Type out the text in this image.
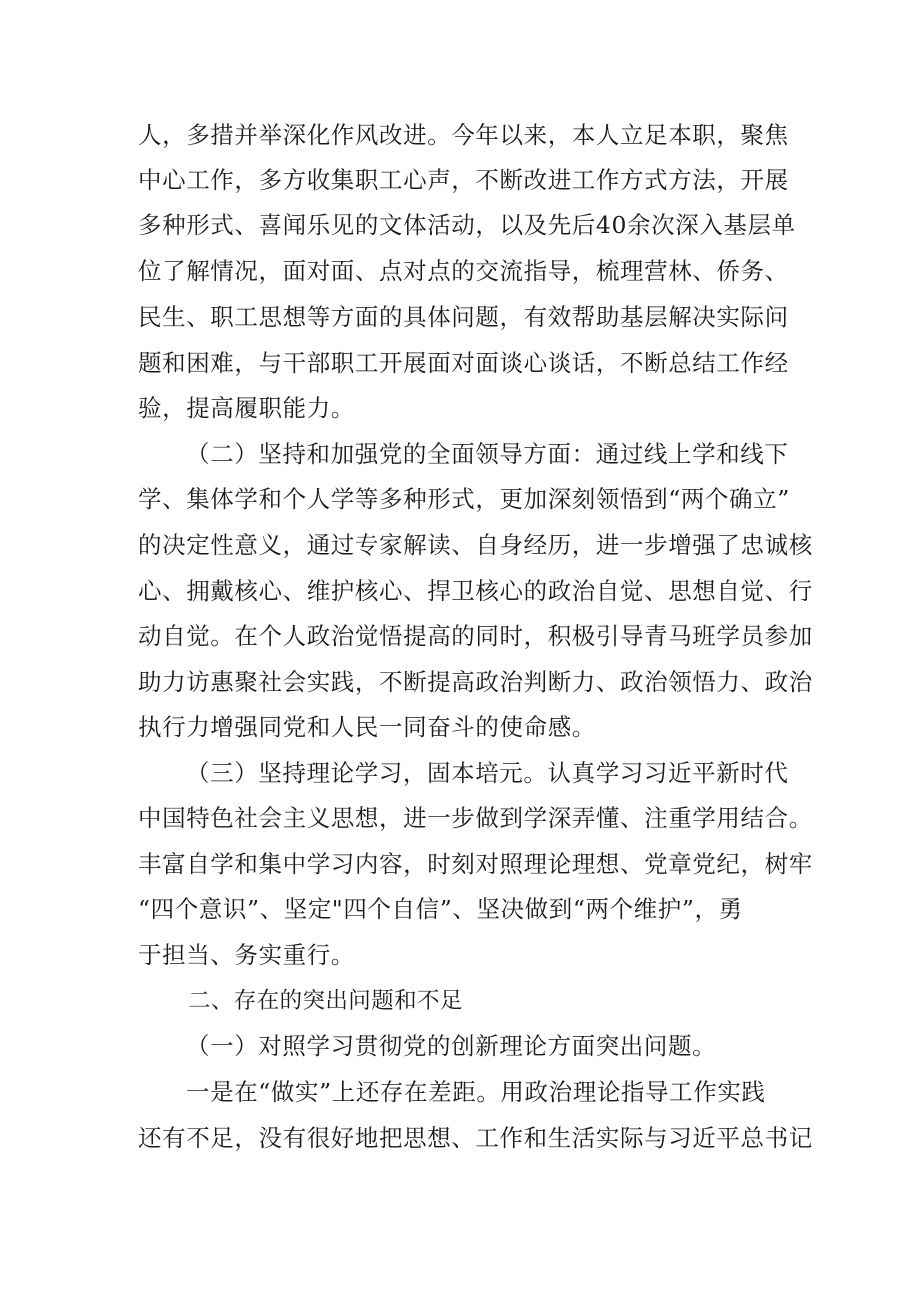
人，多措并举深化作风改进。今年以来，本人立足本职，聚焦
中心工作，多方收集职工心声，不断改进工作方式方法，开展
多种形式、喜闻乐见的文体活动，以及先后40余次深入基层单
位了解情况，面对面、点对点的交流指导，梳理营林、侨务、
民生、职工思想等方面的具体问题，有效帮助基层解决实际问
题和困难，与干部职工开展面对面谈心谈话，不断总结工作经
验，提高履职能力。
（二）坚持和加强党的全面领导方面：通过线上学和线下
学、集体学和个人学等多种形式，更加深刻领悟到“两个确立”
的决定性意义，通过专家解读、自身经历，进一步增强了忠诚核
心、拥戴核心、维护核心、捍卫核心的政治自觉、思想自觉、行
动自觉。在个人政治觉悟提高的同时，积极引导青马班学员参加
助力访惠聚社会实践，不断提高政治判断力、政治领悟力、政治
执行力增强同党和人民一同奋斗的使命感。
（三）坚持理论学习，固本培元。认真学习习近平新时代
中国特色社会主义思想，进一步做到学深弄懂、注重学用结合。
丰富自学和集中学习内容，时刻对照理论理想、党章党纪，树牢
“四个意识”、坚定"四个自信”、坚决做到“两个维护”，勇
于担当、务实重行。
二、存在的突出问题和不足
（一）对照学习贯彻党的创新理论方面突出问题。
一是在“做实”上还存在差距。用政治理论指导工作实践
还有不足，没有很好地把思想、工作和生活实际与习近平总书记
